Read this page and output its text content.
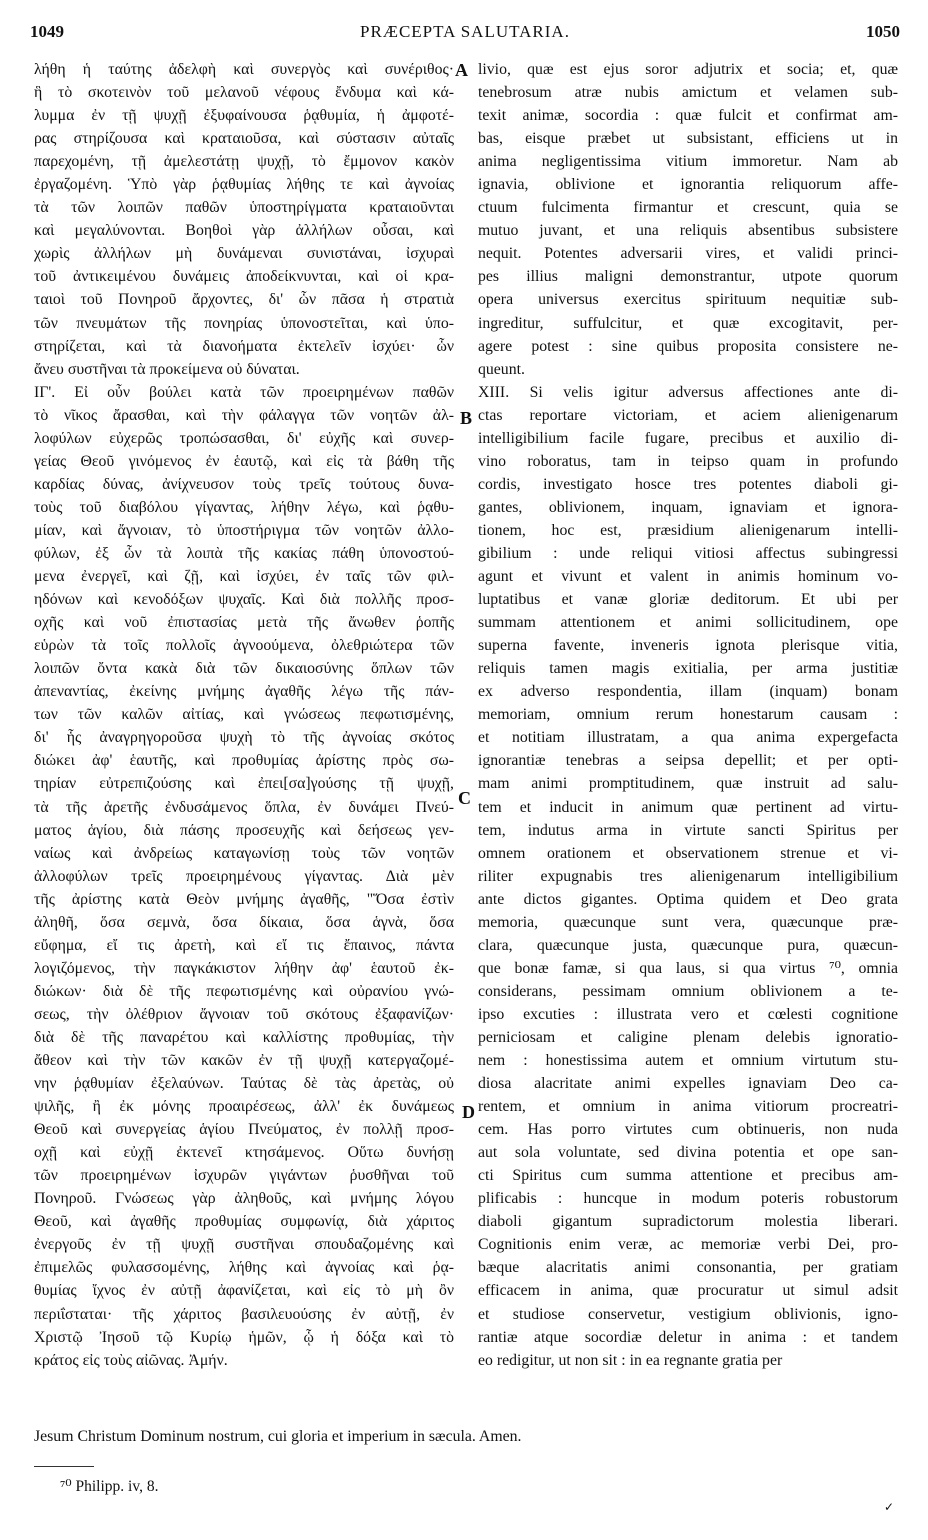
1049	PRÆCEPTA SALUTARIA.	1050
λήθη ἡ ταύτης ἀδελφὴ καὶ συνεργὸς καὶ συνέριθος·
ἣ τὸ σκοτεινὸν τοῦ μελανοῦ νέφους ἔνδυμα καὶ κά-
λυμμα ἐν τῇ ψυχῇ ἐξυφαίνουσα ῥᾳθυμία, ἡ ἀμφοτέ-
ρας στηρίζουσα καὶ κραταιοῦσα, καὶ σύστασιν αὐταῖς
παρεχομένη, τῇ ἀμελεστάτῃ ψυχῇ, τὸ ἔμμονον κακὸν
ἐργαζομένη. Ὑπὸ γὰρ ῥᾳθυμίας λήθης τε καὶ ἀγνοίας
τὰ τῶν λοιπῶν παθῶν ὑποστηρίγματα κραταιοῦνται
καὶ μεγαλύνονται. Βοηθοὶ γὰρ ἀλλήλων οὖσαι, καὶ
χωρὶς ἀλλήλων μὴ δυνάμεναι συνιστάναι, ἰσχυραὶ
τοῦ ἀντικειμένου δυνάμεις ἀποδείκνυνται, καὶ οἱ κρα-
ταιοὶ τοῦ Πονηροῦ ἄρχοντες, δι' ὧν πᾶσα ἡ στρατιὰ
τῶν πνευμάτων τῆς πονηρίας ὑπονοστεῖται, καὶ ὑπο-
στηρίζεται, καὶ τὰ διανοήματα ἐκτελεῖν ἰσχύει· ὧν
ἄνευ συστῆναι τὰ προκείμενα οὐ δύναται.
ΙΓ'. Εἰ οὖν βούλει κατὰ τῶν προειρημένων παθῶν
τὸ νῖκος ἄρασθαι, καὶ τὴν φάλαγγα τῶν νοητῶν ἀλ-
λοφύλων εὐχερῶς τροπώσασθαι, δι' εὐχῆς καὶ συνερ-
γείας Θεοῦ γινόμενος ἐν ἑαυτῷ, καὶ εἰς τὰ βάθη τῆς
καρδίας δύνας, ἀνίχνευσον τοὺς τρεῖς τούτους δυνα-
τοὺς τοῦ διαβόλου γίγαντας, λήθην λέγω, καὶ ῥᾳθυ-
μίαν, καὶ ἄγνοιαν, τὸ ὑποστήριγμα τῶν νοητῶν ἀλλο-
φύλων, ἐξ ὧν τὰ λοιπὰ τῆς κακίας πάθη ὑπονοστού-
μενα ἐνεργεῖ, καὶ ζῇ, καὶ ἰσχύει, ἐν ταῖς τῶν φιλ-
ηδόνων καὶ κενοδόξων ψυχαῖς. Καὶ διὰ πολλῆς προσ-
οχῆς καὶ νοῦ ἐπιστασίας μετὰ τῆς ἄνωθεν ῥοπῆς
εὑρὼν τὰ τοῖς πολλοῖς ἀγνοούμενα, ὀλεθριώτερα τῶν
λοιπῶν ὄντα κακὰ διὰ τῶν δικαιοσύνης ὅπλων τῶν
ἀπεναντίας, ἐκείνης μνήμης ἀγαθῆς λέγω τῆς πάν-
των τῶν καλῶν αἰτίας, καὶ γνώσεως πεφωτισμένης,
δι' ἧς ἀναγρηγοροῦσα ψυχὴ τὸ τῆς ἀγνοίας σκότος
διώκει ἀφ' ἑαυτῆς, καὶ προθυμίας ἀρίστης πρὸς σω-
τηρίαν εὐτρεπιζούσης καὶ ἐπει[σα]γούσης τῇ ψυχῇ,
τὰ τῆς ἀρετῆς ἐνδυσάμενος ὅπλα, ἐν δυνάμει Πνεύ-
ματος ἁγίου, διὰ πάσης προσευχῆς καὶ δεήσεως γεν-
ναίως καὶ ἀνδρείως καταγωνίσῃ τοὺς τῶν νοητῶν
ἀλλοφύλων τρεῖς προειρημένους γίγαντας. Διὰ μὲν
τῆς ἀρίστης κατὰ Θεὸν μνήμης ἀγαθῆς, "Ὅσα ἐστὶν
ἀληθῆ, ὅσα σεμνὰ, ὅσα δίκαια, ὅσα ἁγνὰ, ὅσα
εὔφημα, εἴ τις ἀρετὴ, καὶ εἴ τις ἔπαινος, πάντα
λογιζόμενος, τὴν παγκάκιστον λήθην ἀφ' ἑαυτοῦ ἐκ-
διώκων· διὰ δὲ τῆς πεφωτισμένης καὶ οὐρανίου γνώ-
σεως, τὴν ὀλέθριον ἄγνοιαν τοῦ σκότους ἐξαφανίζων·
διὰ δὲ τῆς παναρέτου καὶ καλλίστης προθυμίας, τὴν
ἄθεον καὶ τὴν τῶν κακῶν ἐν τῇ ψυχῇ κατεργαζομέ-
νην ῥᾳθυμίαν ἐξελαύνων. Ταύτας δὲ τὰς ἀρετὰς, οὐ
ψιλῆς, ἢ ἐκ μόνης προαιρέσεως, ἀλλ' ἐκ δυνάμεως
Θεοῦ καὶ συνεργείας ἁγίου Πνεύματος, ἐν πολλῇ προσ-
οχῇ καὶ εὐχῇ ἐκτενεῖ κτησάμενος. Οὕτω δυνήσῃ
τῶν προειρημένων ἰσχυρῶν γιγάντων ῥυσθῆναι τοῦ
Πονηροῦ. Γνώσεως γὰρ ἀληθοῦς, καὶ μνήμης λόγου
Θεοῦ, καὶ ἀγαθῆς προθυμίας συμφωνίᾳ, διὰ χάριτος
ἐνεργοῦς ἐν τῇ ψυχῇ συστῆναι σπουδαζομένης καὶ
ἐπιμελῶς φυλασσομένης, λήθης καὶ ἀγνοίας καὶ ῥᾳ-
θυμίας ἴχνος ἐν αὐτῇ ἀφανίζεται, καὶ εἰς τὸ μὴ ὂν
περιΐσταται· τῆς χάριτος βασιλευούσης ἐν αὐτῇ, ἐν
Χριστῷ Ἰησοῦ τῷ Κυρίῳ ἡμῶν, ᾧ ἡ δόξα καὶ τὸ
κράτος εἰς τοὺς αἰῶνας. Ἀμήν.
livio, quæ est ejus soror adjutrix et socia; et, quæ
tenebrosum atræ nubis amictum et velamen sub-
texit animæ, socordia : quæ fulcit et confirmat am-
bas, eisque præbet ut subsistant, efficiens ut in
anima negligentissima vitium immoretur. Nam ab
ignavia, oblivione et ignorantia reliquorum affe-
ctuum fulcimenta firmantur et crescunt, quia se
mutuo juvant, et una reliquis absentibus subsistere
nequit. Potentes adversarii vires, et validi princi-
pes illius maligni demonstrantur, utpote quorum
opera universus exercitus spirituum nequitiæ sub-
ingreditur, suffulcitur, et quæ excogitavit, per-
agere potest : sine quibus proposita consistere ne-
queunt.
XIII. Si velis igitur adversus affectiones ante di-
ctas reportare victoriam, et aciem alienigenarum
intelligibilium facile fugare, precibus et auxilio di-
vino roboratus, tam in teipso quam in profundo
cordis, investigato hosce tres potentes diaboli gi-
gantes, oblivionem, inquam, ignaviam et ignora-
tionem, hoc est, præsidium alienigenarum intelli-
gibilium : unde reliqui vitiosi affectus subingressi
agunt et vivunt et valent in animis hominum vo-
luptatibus et vanæ gloriæ deditorum. Et ubi per
summam attentionem et animi sollicitudinem, ope
superna favente, inveneris ignota plerisque vitia,
reliquis tamen magis exitialia, per arma justitiæ
ex adverso respondentia, illam (inquam) bonam
memoriam, omnium rerum honestarum causam :
et notitiam illustratam, a qua anima expergefacta
ignorantiæ tenebras a seipsa depellit; et per opti-
mam animi promptitudinem, quæ instruit ad salu-
tem et inducit in animum quæ pertinent ad virtu-
tem, indutus arma in virtute sancti Spiritus per
omnem orationem et observationem strenue et vi-
riliter expugnabis tres alienigenarum intelligibilium
ante dictos gigantes. Optima quidem et Deo grata
memoria, quæcunque sunt vera, quæcunque præ-
clara, quæcunque justa, quæcunque pura, quæcun-
que bonæ famæ, si qua laus, si qua virtus ⁷⁰, omnia
considerans, pessimam omnium oblivionem a te-
ipso excuties : illustrata vero et cœlesti cognitione
perniciosam et caligine plenam delebis ignoratio-
nem : honestissima autem et omnium virtutum stu-
diosa alacritate animi expelles ignaviam Deo ca-
rentem, et omnium in anima vitiorum procreatri-
cem. Has porro virtutes cum obtinueris, non nuda
aut sola voluntate, sed divina potentia et ope san-
cti Spiritus cum summa attentione et precibus am-
plificabis : huncque in modum poteris robustorum
diaboli gigantum supradictorum molestia liberari.
Cognitionis enim veræ, ac memoriæ verbi Dei, pro-
bæque alacritatis animi consonantia, per gratiam
efficacem in anima, quæ procuratur ut simul adsit
et studiose conservetur, vestigium oblivionis, igno-
rantiæ atque socordiæ deletur in anima : et tandem
eo redigitur, ut non sit : in ea regnante gratia per
A
B
C
D
Jesum Christum Dominum nostrum, cui gloria et imperium in sæcula. Amen.
⁷⁰ Philipp. iv, 8.
✓
